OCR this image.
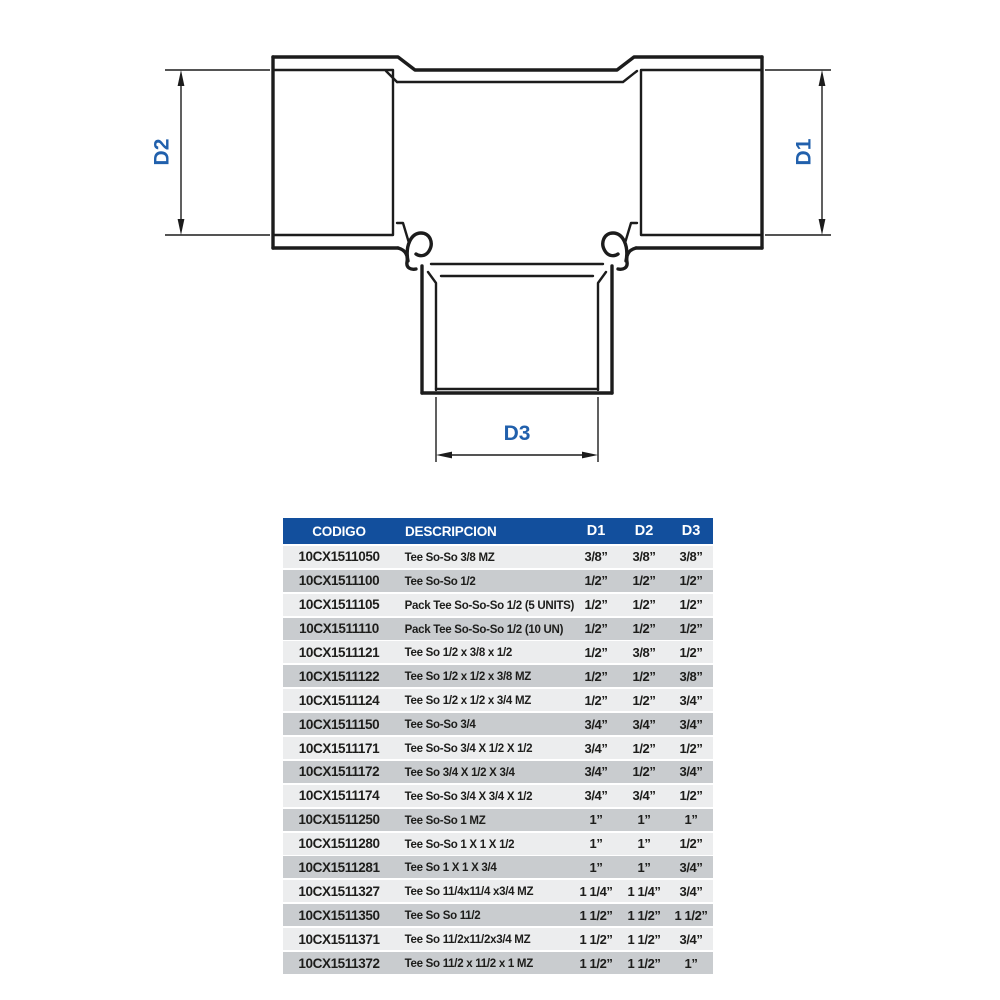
D2	D1
D3
CODIGO	DESCRIPCION	D1	D2	D3
10CX1511050	Tee So-So 3/8 MZ	3/8”	3/8”	3/8”
10CX1511100	Tee So-So 1/2	1/2”	1/2”	1/2”
10CX1511105	Pack Tee So-So-So 1/2 (5 UNITS) 1/2”	1/2”	1/2”
10CX1511110	Pack Tee So-So-So 1/2 (10 UN)	1/2”	1/2”	1/2”
10CX1511121	Tee So 1/2 x 3/8 x 1/2	1/2”	3/8”	1/2”
10CX1511122	Tee So 1/2 x 1/2 x 3/8 MZ	1/2”	1/2”	3/8”
10CX1511124	Tee So 1/2 x 1/2 x 3/4 MZ	1/2”	1/2”	3/4”
10CX1511150	Tee So-So 3/4	3/4”	3/4”	3/4”
10CX1511171	Tee So-So 3/4 X 1/2 X 1/2	3/4”	1/2”	1/2”
10CX1511172	Tee So 3/4 X 1/2 X 3/4	3/4”	1/2”	3/4”
10CX1511174	Tee So-So 3/4 X 3/4 X 1/2	3/4”	3/4”	1/2”
10CX1511250	Tee So-So 1 MZ	1”	1”	1”
10CX1511280	Tee So-So 1 X 1 X 1/2	1”	1”	1/2”
10CX1511281	Tee So 1 X 1 X 3/4	1”	1”	3/4”
10CX1511327	Tee So 11/4x11/4 x3/4 MZ	1 1/4”	1 1/4”	3/4”
10CX1511350	Tee So So 11/2	1 1/2”	1 1/2”	1 1/2”
10CX1511371	Tee So 11/2x11/2x3/4 MZ	1 1/2”	1 1/2”	3/4”
10CX1511372	Tee So 11/2 x 11/2 x 1 MZ	1 1/2”	1 1/2”	1”
